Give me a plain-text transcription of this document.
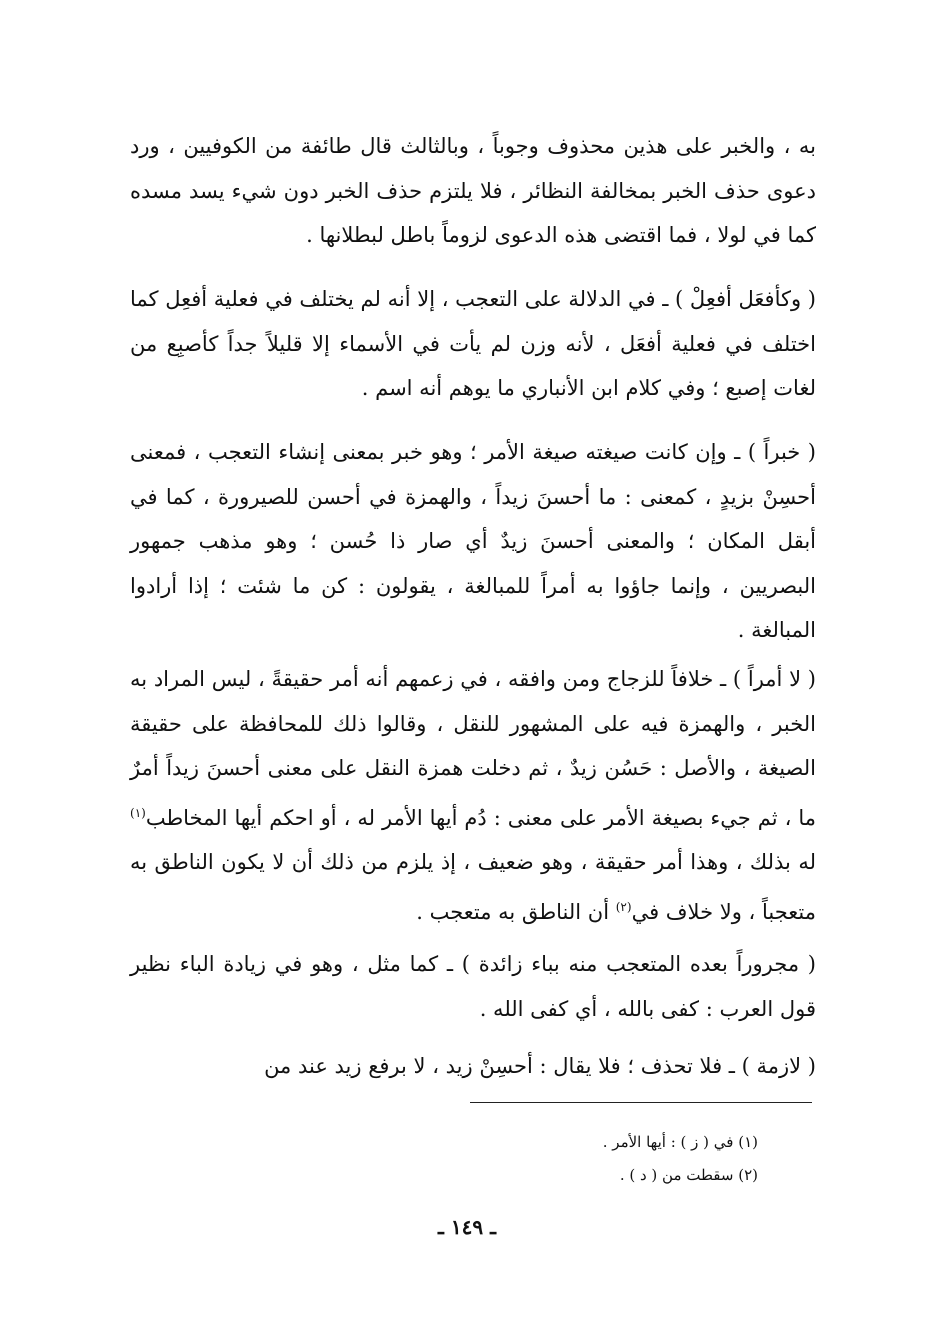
به ، والخبر على هذين محذوف وجوباً ، وبالثالث قال طائفة من الكوفيين ، ورد دعوى حذف الخبر بمخالفة النظائر ، فلا يلتزم حذف الخبر دون شيء يسد مسده كما في لولا ، فما اقتضى هذه الدعوى لزوماً باطل لبطلانها .

( وكأفعَل أفعِلْ ) ـ في الدلالة على التعجب ، إلا أنه لم يختلف في فعلية أفعِل كما اختلف في فعلية أفعَل ، لأنه وزن لم يأت في الأسماء إلا قليلاً جداً كأصبِع من لغات إصبع ؛ وفي كلام ابن الأنباري ما يوهم أنه اسم .

( خبراً ) ـ وإن كانت صيغته صيغة الأمر ؛ وهو خبر بمعنى إنشاء التعجب ، فمعنى أحسِنْ بزيدٍ ، كمعنى : ما أحسنَ زيداً ، والهمزة في أحسن للصيرورة ، كما في أبقل المكان ؛ والمعنى أحسنَ زيدٌ أي صار ذا حُسن ؛ وهو مذهب جمهور البصريين ، وإنما جاؤوا به أمراً للمبالغة ، يقولون : كن ما شئت ؛ إذا أرادوا المبالغة .

( لا أمراً ) ـ خلافاً للزجاج ومن وافقه ، في زعمهم أنه أمر حقيقةً ، ليس المراد به الخبر ، والهمزة فيه على المشهور للنقل ، وقالوا ذلك للمحافظة على حقيقة الصيغة ، والأصل : حَسُن زيدٌ ، ثم دخلت همزة النقل على معنى أحسنَ زيداً أمرٌ ما ، ثم جيء بصيغة الأمر على معنى : دُم أيها الأمر له ، أو احكم أيها المخاطب$^{(١)}$ له بذلك ، وهذا أمر حقيقة ، وهو ضعيف ، إذ يلزم من ذلك أن لا يكون الناطق به متعجباً ، ولا خلاف في$^{(٢)}$ أن الناطق به متعجب .

( مجروراً بعده المتعجب منه بباء زائدة ) ـ كما مثل ، وهو في زيادة الباء نظير قول العرب : كفى بالله ، أي كفى الله .

( لازمة ) ـ فلا تحذف ؛ فلا يقال : أحسِنْ زيد ، لا برفع زيد عند من

(١) في ( ز ) : أيها الأمر .
(٢) سقطت من ( د ) .
ـ ١٤٩ ـ
